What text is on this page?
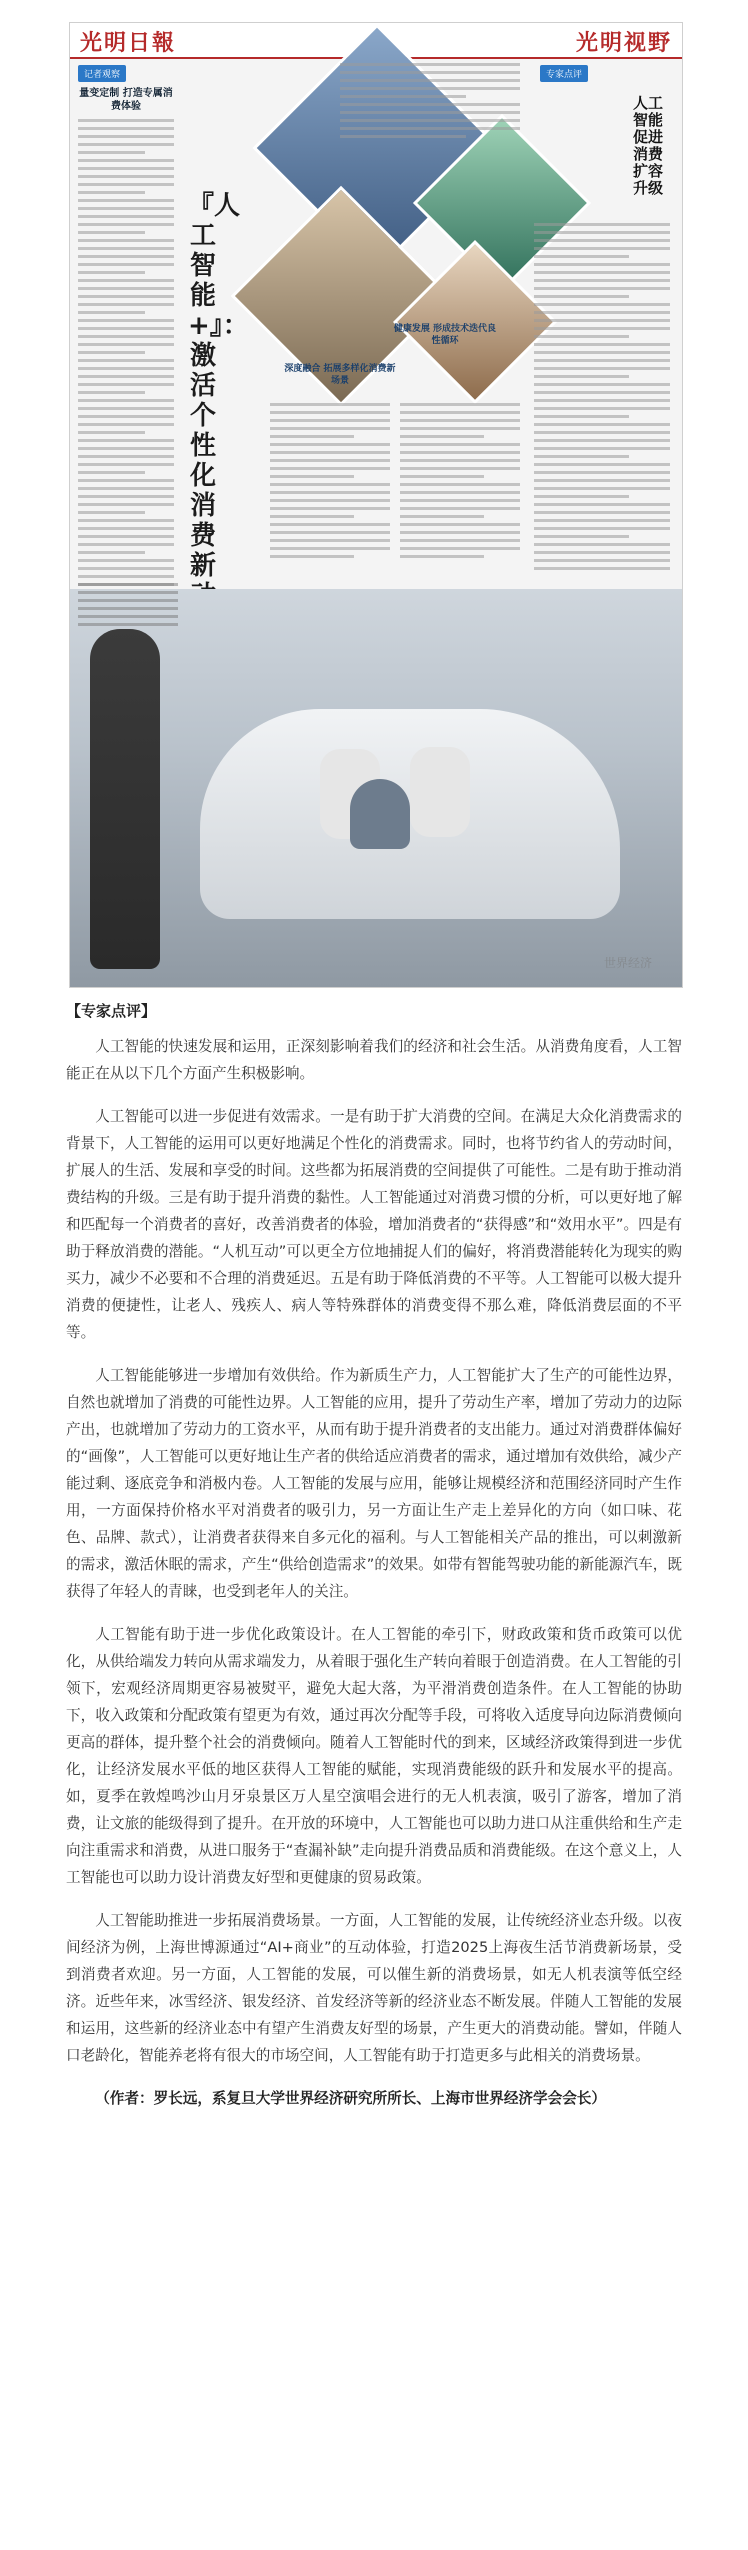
光明日報	光明视野
记者观察	专家点评
量变定制 打造专属消费体验
『人工智能+』：激活个性化消费新
深度融合 拓展多样化消费新场景
健康发展 形成技术迭代良性循环
人工智能促进消费扩容升级
世界经济
【专家点评】

人工智能的快速发展和运用，正深刻影响着我们的经济和社会生活。从消费角度看，人工智能正在从以下几个方面产生积极影响。

人工智能可以进一步促进有效需求。一是有助于扩大消费的空间。在满足大众化消费需求的背景下，人工智能的运用可以更好地满足个性化的消费需求。同时，也将节约省人的劳动时间，扩展人的生活、发展和享受的时间。这些都为拓展消费的空间提供了可能性。二是有助于推动消费结构的升级。三是有助于提升消费的黏性。人工智能通过对消费习惯的分析，可以更好地了解和匹配每一个消费者的喜好，改善消费者的体验，增加消费者的“获得感”和“效用水平”。四是有助于释放消费的潜能。“人机互动”可以更全方位地捕捉人们的偏好，将消费潜能转化为现实的购买力，减少不必要和不合理的消费延迟。五是有助于降低消费的不平等。人工智能可以极大提升消费的便捷性，让老人、残疾人、病人等特殊群体的消费变得不那么难，降低消费层面的不平等。

人工智能能够进一步增加有效供给。作为新质生产力，人工智能扩大了生产的可能性边界，自然也就增加了消费的可能性边界。人工智能的应用，提升了劳动生产率，增加了劳动力的边际产出，也就增加了劳动力的工资水平，从而有助于提升消费者的支出能力。通过对消费群体偏好的“画像”，人工智能可以更好地让生产者的供给适应消费者的需求，通过增加有效供给，减少产能过剩、逐底竞争和消极内卷。人工智能的发展与应用，能够让规模经济和范围经济同时产生作用，一方面保持价格水平对消费者的吸引力，另一方面让生产走上差异化的方向（如口味、花色、品牌、款式），让消费者获得来自多元化的福利。与人工智能相关产品的推出，可以刺激新的需求，激活休眠的需求，产生“供给创造需求”的效果。如带有智能驾驶功能的新能源汽车，既获得了年轻人的青睐，也受到老年人的关注。

人工智能有助于进一步优化政策设计。在人工智能的牵引下，财政政策和货币政策可以优化，从供给端发力转向从需求端发力，从着眼于强化生产转向着眼于创造消费。在人工智能的引领下，宏观经济周期更容易被熨平，避免大起大落，为平滑消费创造条件。在人工智能的协助下，收入政策和分配政策有望更为有效，通过再次分配等手段，可将收入适度导向边际消费倾向更高的群体，提升整个社会的消费倾向。随着人工智能时代的到来，区域经济政策得到进一步优化，让经济发展水平低的地区获得人工智能的赋能，实现消费能级的跃升和发展水平的提高。如，夏季在敦煌鸣沙山月牙泉景区万人星空演唱会进行的无人机表演，吸引了游客，增加了消费，让文旅的能级得到了提升。在开放的环境中，人工智能也可以助力进口从注重供给和生产走向注重需求和消费，从进口服务于“查漏补缺”走向提升消费品质和消费能级。在这个意义上，人工智能也可以助力设计消费友好型和更健康的贸易政策。

人工智能助推进一步拓展消费场景。一方面，人工智能的发展，让传统经济业态升级。以夜间经济为例，上海世博源通过“AI+商业”的互动体验，打造2025上海夜生活节消费新场景，受到消费者欢迎。另一方面，人工智能的发展，可以催生新的消费场景，如无人机表演等低空经济。近些年来，冰雪经济、银发经济、首发经济等新的经济业态不断发展。伴随人工智能的发展和运用，这些新的经济业态中有望产生消费友好型的场景，产生更大的消费动能。譬如，伴随人口老龄化，智能养老将有很大的市场空间，人工智能有助于打造更多与此相关的消费场景。

（作者：罗长远，系复旦大学世界经济研究所所长、上海市世界经济学会会长）
